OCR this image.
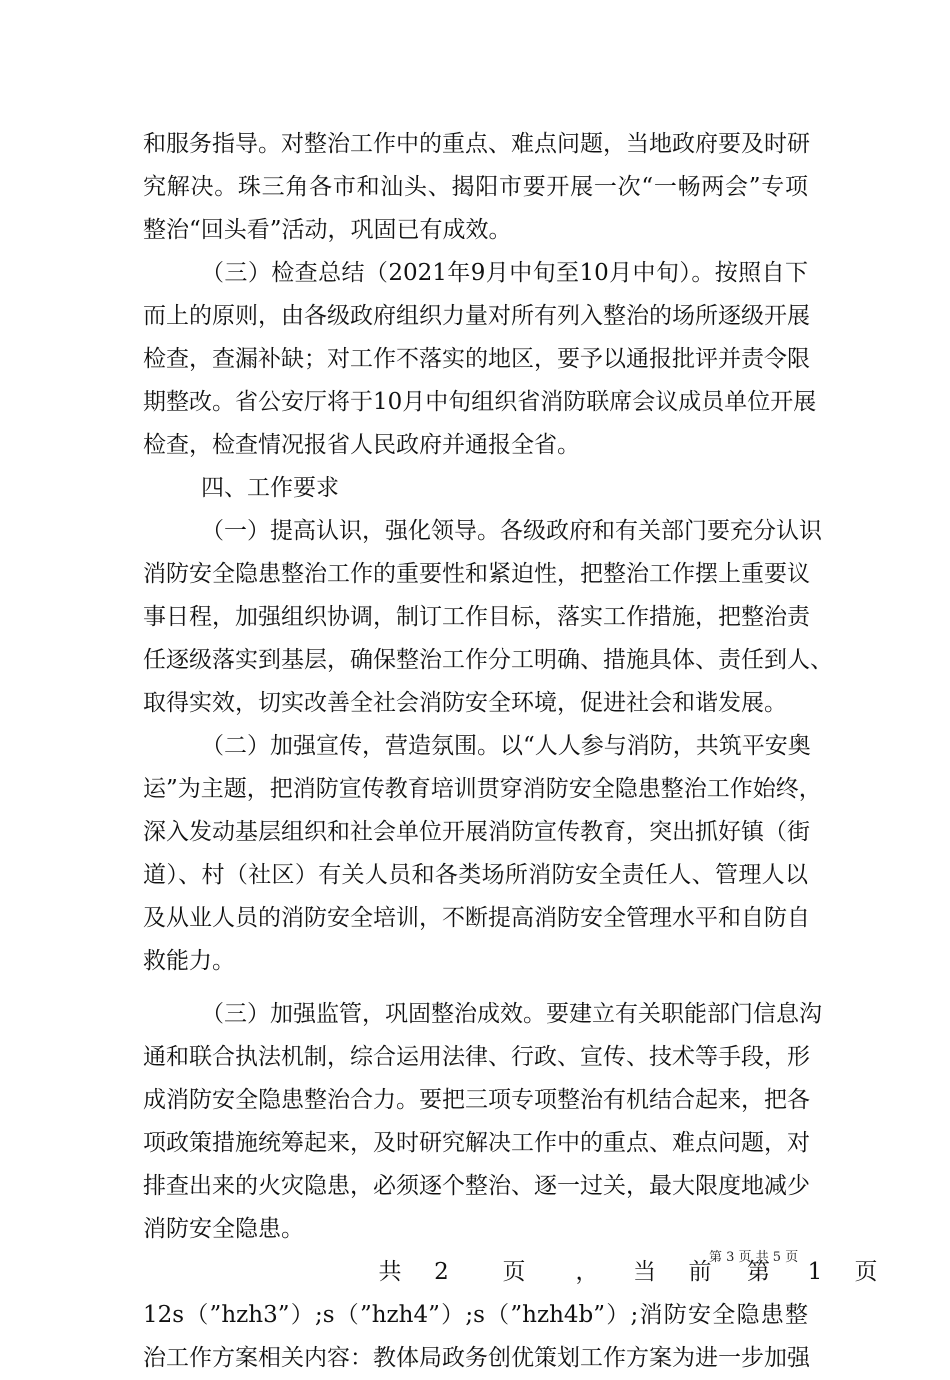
和服务指导。对整治工作中的重点、难点问题，当地政府要及时研
究解决。珠三角各市和汕头、揭阳市要开展一次“一畅两会”专项
整治“回头看”活动，巩固已有成效。
（三）检查总结（2021年9月中旬至10月中旬）。按照自下
而上的原则，由各级政府组织力量对所有列入整治的场所逐级开展
检查，查漏补缺；对工作不落实的地区，要予以通报批评并责令限
期整改。省公安厅将于10月中旬组织省消防联席会议成员单位开展
检查，检查情况报省人民政府并通报全省。
四、工作要求
（一）提高认识，强化领导。各级政府和有关部门要充分认识
消防安全隐患整治工作的重要性和紧迫性，把整治工作摆上重要议
事日程，加强组织协调，制订工作目标，落实工作措施，把整治责
任逐级落实到基层，确保整治工作分工明确、措施具体、责任到人、
取得实效，切实改善全社会消防安全环境，促进社会和谐发展。
（二）加强宣传，营造氛围。以“人人参与消防，共筑平安奥
运”为主题，把消防宣传教育培训贯穿消防安全隐患整治工作始终，
深入发动基层组织和社会单位开展消防宣传教育，突出抓好镇（街
道）、村（社区）有关人员和各类场所消防安全责任人、管理人以
及从业人员的消防安全培训，不断提高消防安全管理水平和自防自
救能力。
（三）加强监管，巩固整治成效。要建立有关职能部门信息沟
通和联合执法机制，综合运用法律、行政、宣传、技术等手段，形
成消防安全隐患整治合力。要把三项专项整治有机结合起来，把各
项政策措施统筹起来，及时研究解决工作中的重点、难点问题，对
排查出来的火灾隐患，必须逐个整治、逐一过关，最大限度地减少
消防安全隐患。
共 2 页 ， 当 前 第 1 页
12s（”hzh3”）;s（”hzh4”）;s（”hzh4b”）;消防安全隐患整
治工作方案相关内容：教体局政务创优策划工作方案为进一步加强
第 3 页 共 5 页
